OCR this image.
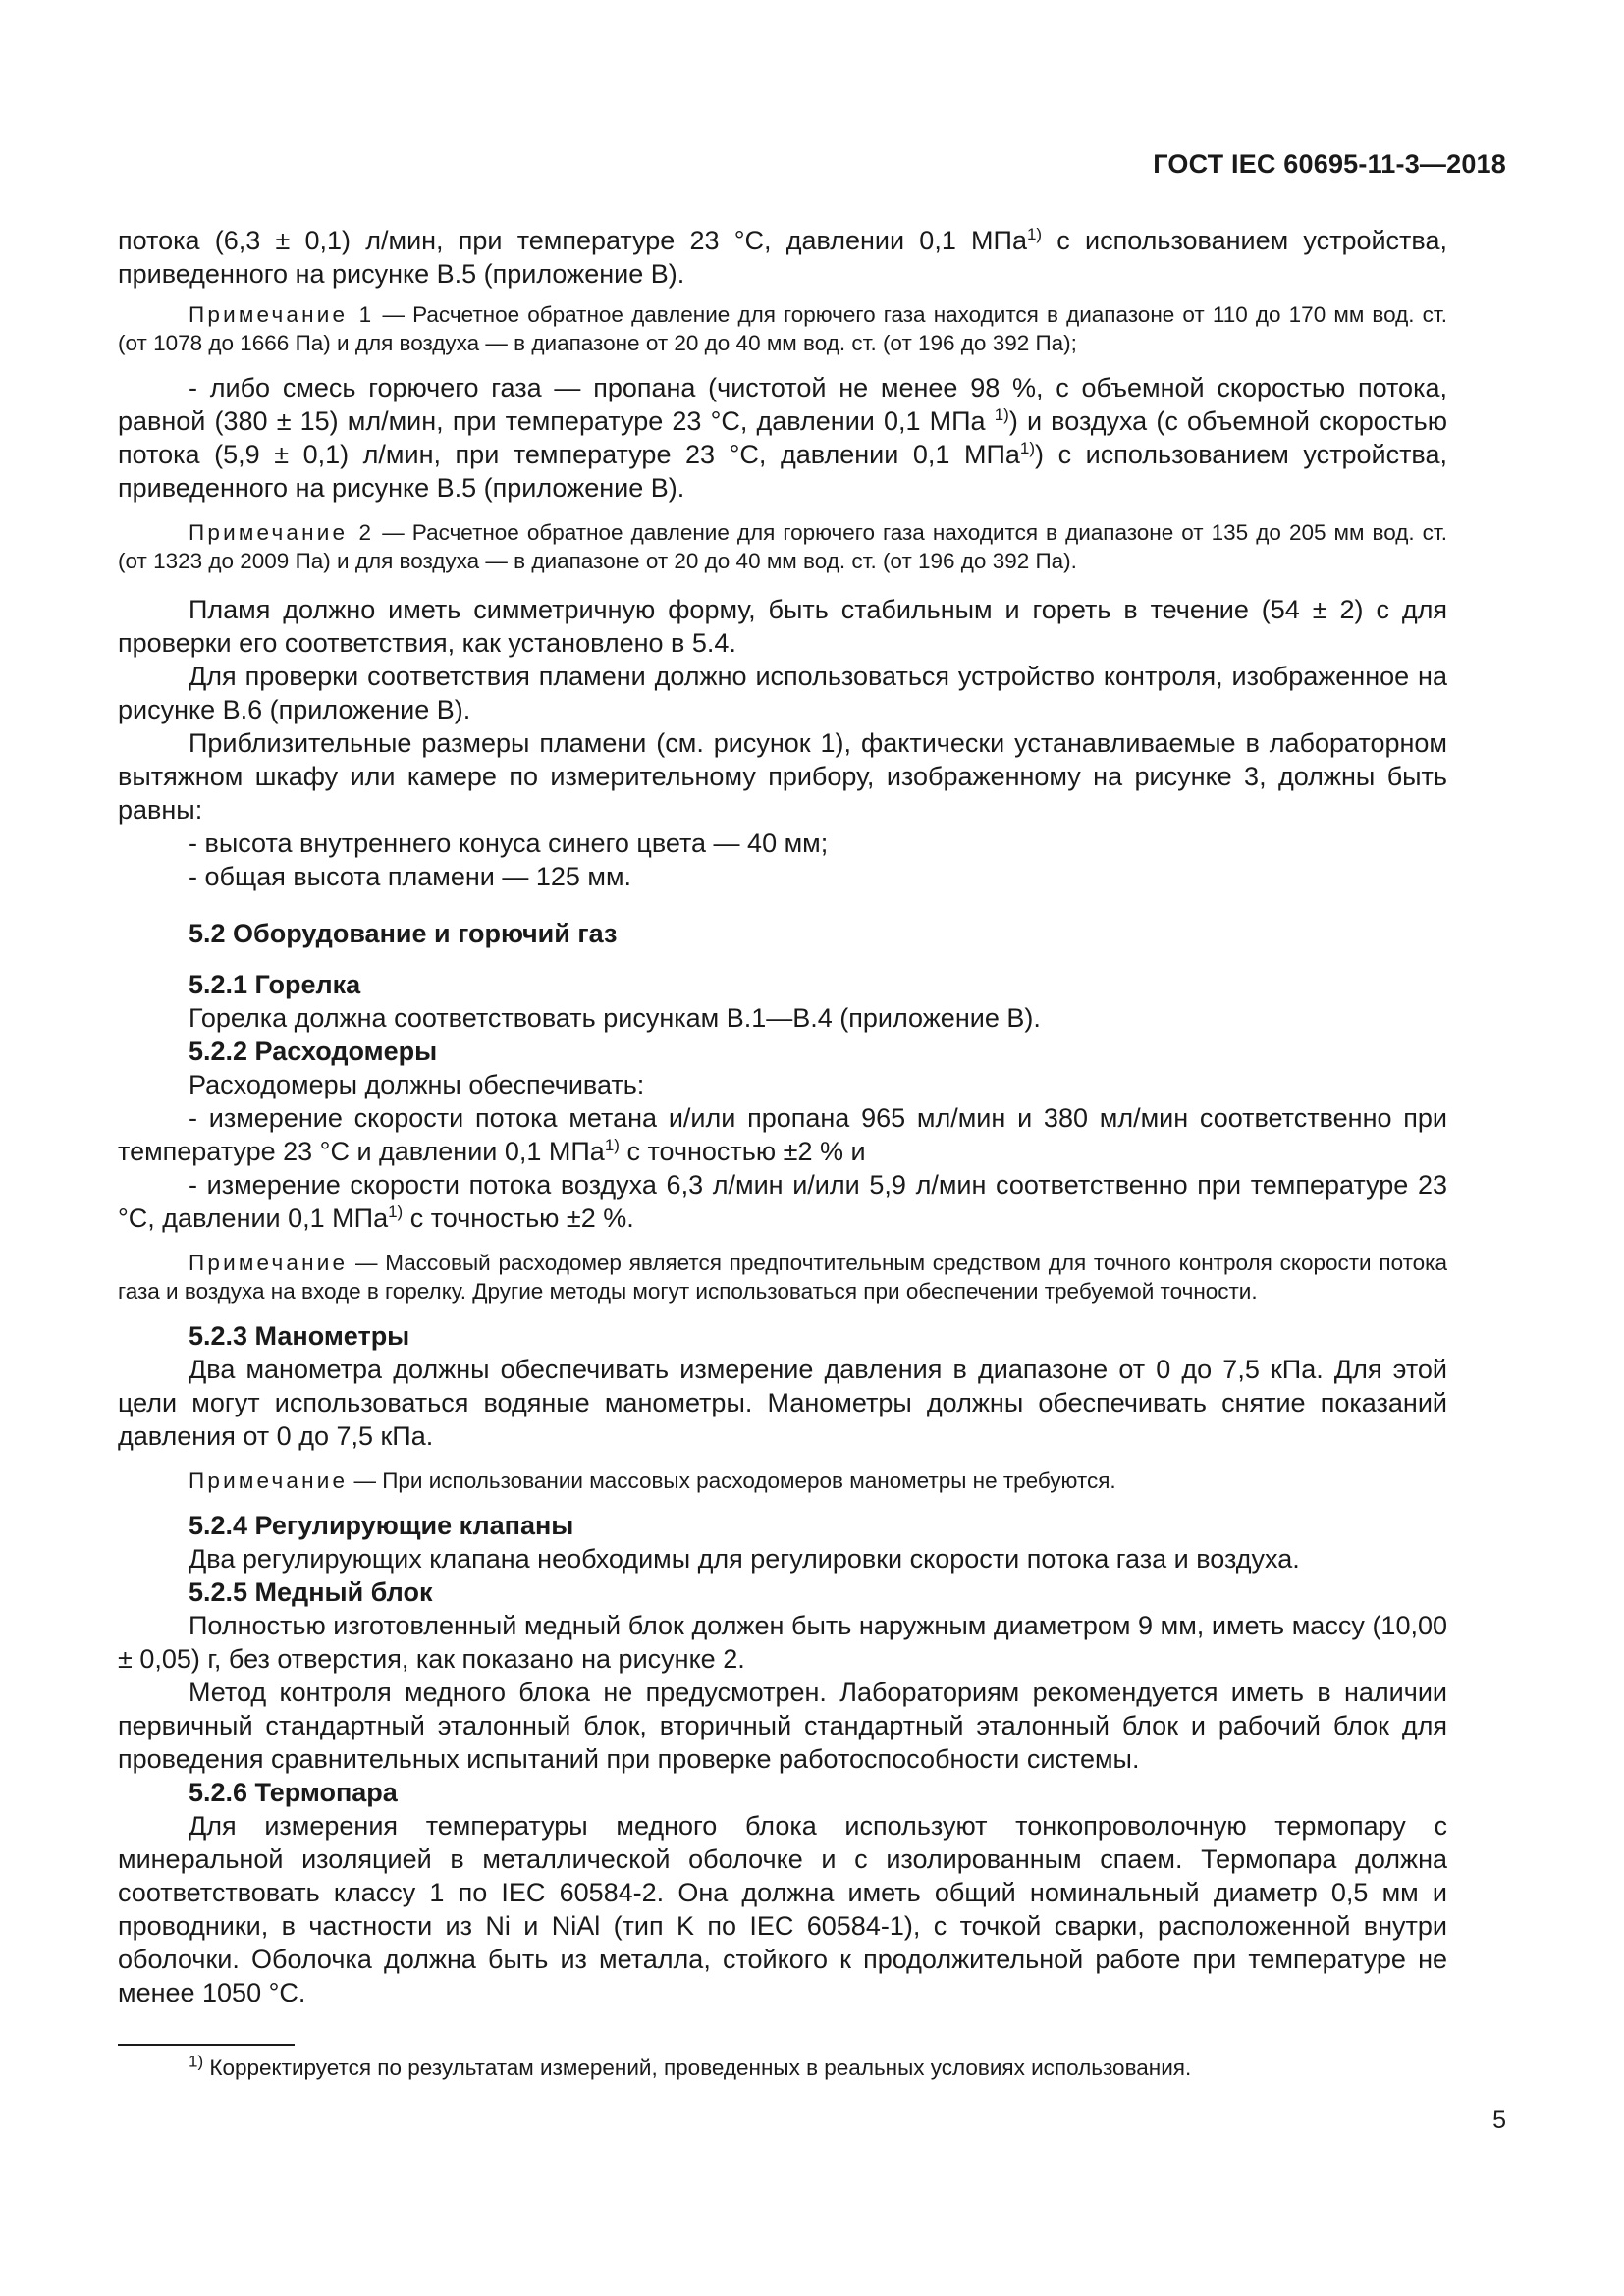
ГОСТ IEC 60695-11-3—2018

потока (6,3 ± 0,1) л/мин, при температуре 23 °C, давлении 0,1 МПа$^{1)}$ с использованием устройства, приведенного на рисунке B.5 (приложение B).

Примечание 1 — Расчетное обратное давление для горючего газа находится в диапазоне от 110 до 170 мм вод. ст. (от 1078 до 1666 Па) и для воздуха — в диапазоне от 20 до 40 мм вод. ст. (от 196 до 392 Па);

- либо смесь горючего газа — пропана (чистотой не менее 98 %, с объемной скоростью потока, равной (380 ± 15) мл/мин, при температуре 23 °C, давлении 0,1 МПа $^{1)}$) и воздуха (с объемной скоростью потока (5,9 ± 0,1) л/мин, при температуре 23 °C, давлении 0,1 МПа$^{1)}$) с использованием устройства, приведенного на рисунке B.5 (приложение B).

Примечание 2 — Расчетное обратное давление для горючего газа находится в диапазоне от 135 до 205 мм вод. ст. (от 1323 до 2009 Па) и для воздуха — в диапазоне от 20 до 40 мм вод. ст. (от 196 до 392 Па).

Пламя должно иметь симметричную форму, быть стабильным и гореть в течение (54 ± 2) с для проверки его соответствия, как установлено в 5.4.

Для проверки соответствия пламени должно использоваться устройство контроля, изображенное на рисунке B.6 (приложение B).

Приблизительные размеры пламени (см. рисунок 1), фактически устанавливаемые в лабораторном вытяжном шкафу или камере по измерительному прибору, изображенному на рисунке 3, должны быть равны:

- высота внутреннего конуса синего цвета — 40 мм;

- общая высота пламени — 125 мм.

5.2 Оборудование и горючий газ

5.2.1 Горелка

Горелка должна соответствовать рисункам B.1—B.4 (приложение B).

5.2.2 Расходомеры

Расходомеры должны обеспечивать:

- измерение скорости потока метана и/или пропана 965 мл/мин и 380 мл/мин соответственно при температуре 23 °C и давлении 0,1 МПа$^{1)}$ с точностью ±2 % и

- измерение скорости потока воздуха 6,3 л/мин и/или 5,9 л/мин соответственно при температуре 23 °C, давлении 0,1 МПа$^{1)}$ с точностью ±2 %.

Примечание — Массовый расходомер является предпочтительным средством для точного контроля скорости потока газа и воздуха на входе в горелку. Другие методы могут использоваться при обеспечении требуемой точности.

5.2.3 Манометры

Два манометра должны обеспечивать измерение давления в диапазоне от 0 до 7,5 кПа. Для этой цели могут использоваться водяные манометры. Манометры должны обеспечивать снятие показаний давления от 0 до 7,5 кПа.

Примечание — При использовании массовых расходомеров манометры не требуются.

5.2.4 Регулирующие клапаны

Два регулирующих клапана необходимы для регулировки скорости потока газа и воздуха.

5.2.5 Медный блок

Полностью изготовленный медный блок должен быть наружным диаметром 9 мм, иметь массу (10,00 ± 0,05) г, без отверстия, как показано на рисунке 2.

Метод контроля медного блока не предусмотрен. Лабораториям рекомендуется иметь в наличии первичный стандартный эталонный блок, вторичный стандартный эталонный блок и рабочий блок для проведения сравнительных испытаний при проверке работоспособности системы.

5.2.6 Термопара

Для измерения температуры медного блока используют тонкопроволочную термопару с минеральной изоляцией в металлической оболочке и с изолированным спаем. Термопара должна соответствовать классу 1 по IEC 60584-2. Она должна иметь общий номинальный диаметр 0,5 мм и проводники, в частности из Ni и NiAl (тип K по IEC 60584-1), с точкой сварки, расположенной внутри оболочки. Оболочка должна быть из металла, стойкого к продолжительной работе при температуре не менее 1050 °C.

$^{1)}$ Корректируется по результатам измерений, проведенных в реальных условиях использования.

5
